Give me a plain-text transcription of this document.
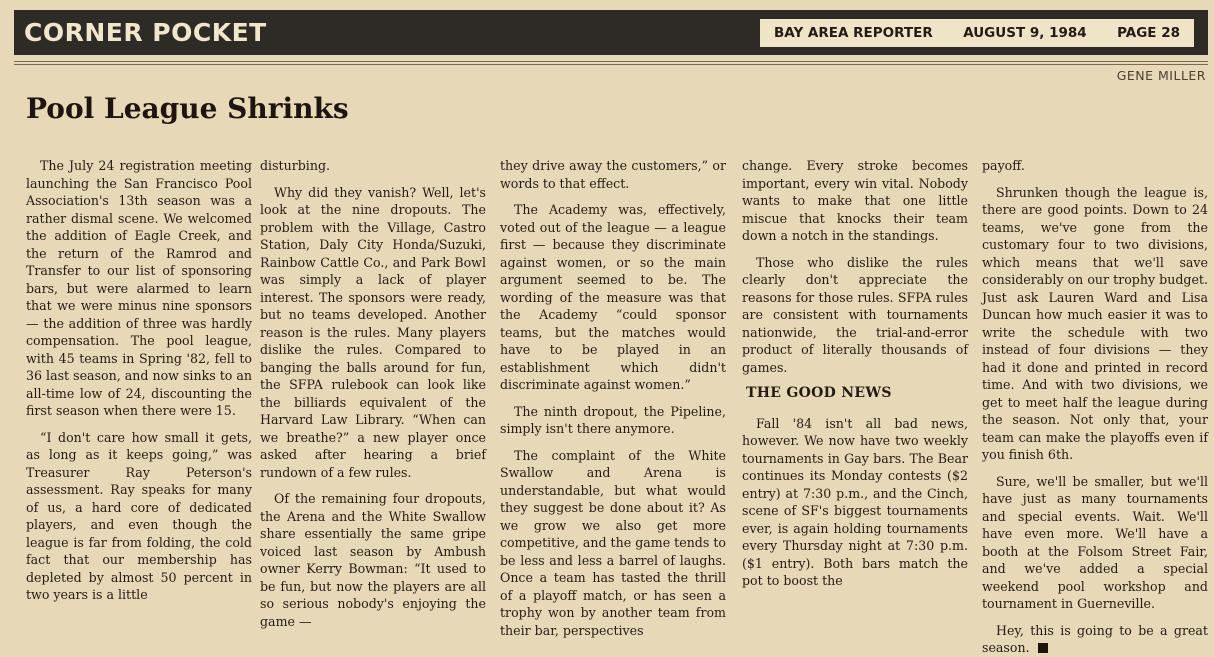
CORNER POCKET	BAY AREA REPORTER AUGUST 9, 1984 PAGE 28
GENE MILLER
Pool League Shrinks

The July 24 registration meeting launching the San Francisco Pool Association's 13th season was a rather dismal scene. We welcomed the addition of Eagle Creek, and the return of the Ramrod and Transfer to our list of sponsoring bars, but were alarmed to learn that we were minus nine sponsors — the addition of three was hardly compensation. The pool league, with 45 teams in Spring '82, fell to 36 last season, and now sinks to an all-time low of 24, discounting the first season when there were 15.

“I don't care how small it gets, as long as it keeps going,” was Treasurer Ray Peterson's assessment. Ray speaks for many of us, a hard core of dedicated players, and even though the league is far from folding, the cold fact that our membership has depleted by almost 50 percent in two years is a little

disturbing.

Why did they vanish? Well, let's look at the nine dropouts. The problem with the Village, Castro Station, Daly City Honda/Suzuki, Rainbow Cattle Co., and Park Bowl was simply a lack of player interest. The sponsors were ready, but no teams developed. Another reason is the rules. Many players dislike the rules. Compared to banging the balls around for fun, the SFPA rulebook can look like the billiards equivalent of the Harvard Law Library. “When can we breathe?” a new player once asked after hearing a brief rundown of a few rules.

Of the remaining four dropouts, the Arena and the White Swallow share essentially the same gripe voiced last season by Ambush owner Kerry Bowman: “It used to be fun, but now the players are all so serious nobody's enjoying the game —

they drive away the customers,” or words to that effect.

The Academy was, effectively, voted out of the league — a league first — because they discriminate against women, or so the main argument seemed to be. The wording of the measure was that the Academy “could sponsor teams, but the matches would have to be played in an establishment which didn't discriminate against women.”

The ninth dropout, the Pipeline, simply isn't there anymore.

The complaint of the White Swallow and Arena is understandable, but what would they suggest be done about it? As we grow we also get more competitive, and the game tends to be less and less a barrel of laughs. Once a team has tasted the thrill of a playoff match, or has seen a trophy won by another team from their bar, perspectives

change. Every stroke becomes important, every win vital. Nobody wants to make that one little miscue that knocks their team down a notch in the standings.

Those who dislike the rules clearly don't appreciate the reasons for those rules. SFPA rules are consistent with tournaments nationwide, the trial-and-error product of literally thousands of games.

THE GOOD NEWS

Fall '84 isn't all bad news, however. We now have two weekly tournaments in Gay bars. The Bear continues its Monday contests ($2 entry) at 7:30 p.m., and the Cinch, scene of SF's biggest tournaments ever, is again holding tournaments every Thursday night at 7:30 p.m. ($1 entry). Both bars match the pot to boost the

payoff.

Shrunken though the league is, there are good points. Down to 24 teams, we've gone from the customary four to two divisions, which means that we'll save considerably on our trophy budget. Just ask Lauren Ward and Lisa Duncan how much easier it was to write the schedule with two instead of four divisions — they had it done and printed in record time. And with two divisions, we get to meet half the league during the season. Not only that, your team can make the playoffs even if you finish 6th.

Sure, we'll be smaller, but we'll have just as many tournaments and special events. Wait. We'll have even more. We'll have a booth at the Folsom Street Fair, and we've added a special weekend pool workshop and tournament in Guerneville.

Hey, this is going to be a great season.
